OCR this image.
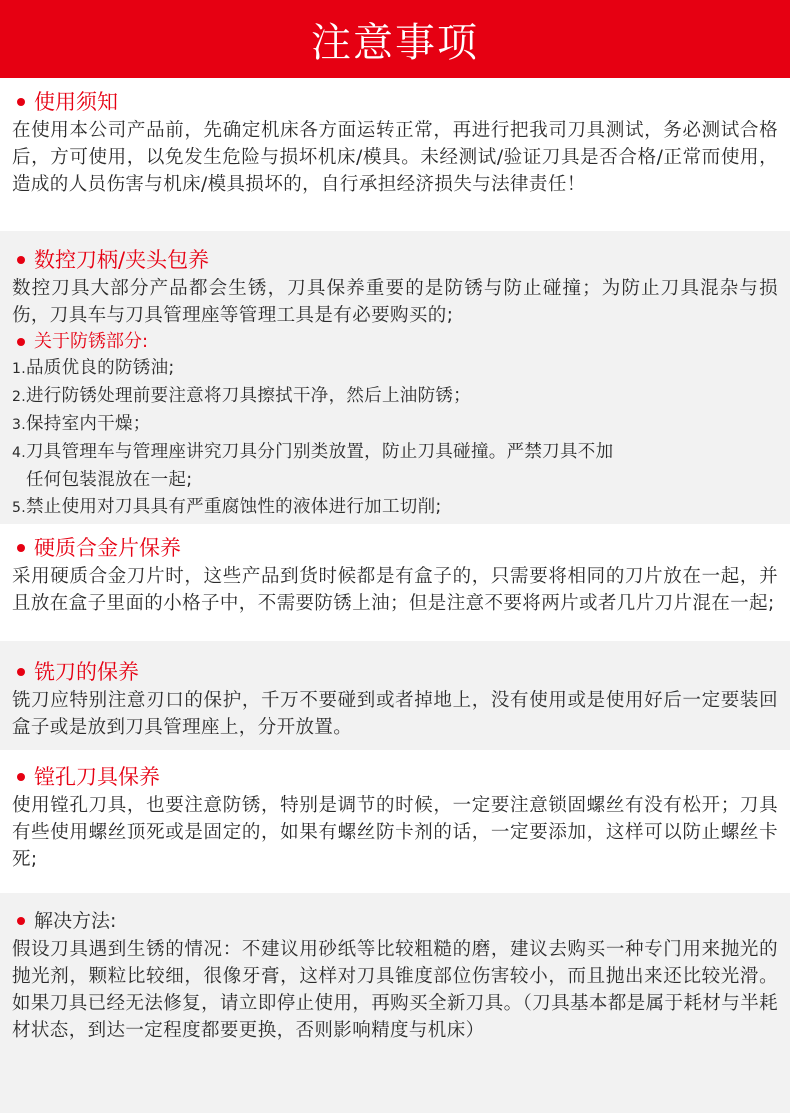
注意事项
使用须知

在使用本公司产品前，先确定机床各方面运转正常，再进行把我司刀具测试，务必测试合格后，方可使用，以免发生危险与损坏机床/模具。未经测试/验证刀具是否合格/正常而使用，造成的人员伤害与机床/模具损坏的，自行承担经济损失与法律责任！

数控刀柄/夹头包养

数控刀具大部分产品都会生锈，刀具保养重要的是防锈与防止碰撞；为防止刀具混杂与损伤，刀具车与刀具管理座等管理工具是有必要购买的;

关于防锈部分:

1.品质优良的防锈油;

2.进行防锈处理前要注意将刀具擦拭干净，然后上油防锈；

3.保持室内干燥；

4.刀具管理车与管理座讲究刀具分门别类放置，防止刀具碰撞。严禁刀具不加

任何包装混放在一起;

5.禁止使用对刀具具有严重腐蚀性的液体进行加工切削;

硬质合金片保养

采用硬质合金刀片时，这些产品到货时候都是有盒子的，只需要将相同的刀片放在一起，并且放在盒子里面的小格子中，不需要防锈上油；但是注意不要将两片或者几片刀片混在一起;

铣刀的保养

铣刀应特别注意刃口的保护，千万不要碰到或者掉地上，没有使用或是使用好后一定要装回盒子或是放到刀具管理座上，分开放置。

镗孔刀具保养

使用镗孔刀具，也要注意防锈，特别是调节的时候，一定要注意锁固螺丝有没有松开；刀具有些使用螺丝顶死或是固定的，如果有螺丝防卡剂的话，一定要添加，这样可以防止螺丝卡死;

解决方法:

假设刀具遇到生锈的情况：不建议用砂纸等比较粗糙的磨，建议去购买一种专门用来抛光的抛光剂，颗粒比较细，很像牙膏，这样对刀具锥度部位伤害较小，而且抛出来还比较光滑。如果刀具已经无法修复，请立即停止使用，再购买全新刀具。（刀具基本都是属于耗材与半耗材状态，到达一定程度都要更换，否则影响精度与机床）
